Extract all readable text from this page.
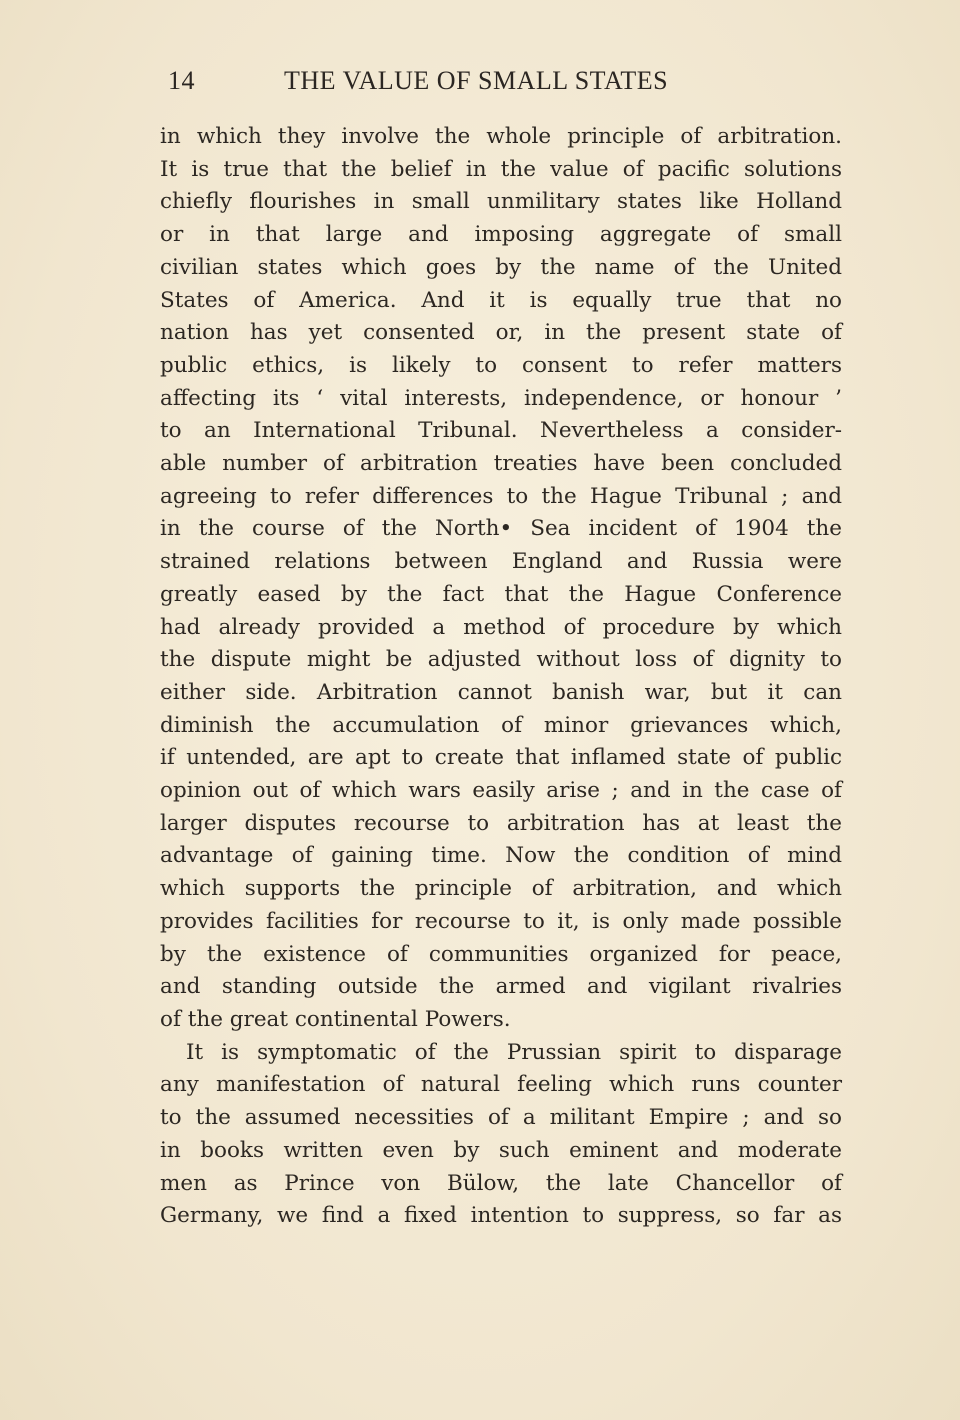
14	THE VALUE OF SMALL STATES

in which they involve the whole principle of arbitration.
It is true that the belief in the value of pacific solutions
chiefly flourishes in small unmilitary states like Holland
or in that large and imposing aggregate of small
civilian states which goes by the name of the United
States of America. And it is equally true that no
nation has yet consented or, in the present state of
public ethics, is likely to consent to refer matters
affecting its ‘ vital interests, independence, or honour ’
to an International Tribunal. Nevertheless a consider-
able number of arbitration treaties have been concluded
agreeing to refer differences to the Hague Tribunal ; and
in the course of the North• Sea incident of 1904 the
strained relations between England and Russia were
greatly eased by the fact that the Hague Conference
had already provided a method of procedure by which
the dispute might be adjusted without loss of dignity to
either side. Arbitration cannot banish war, but it can
diminish the accumulation of minor grievances which,
if untended, are apt to create that inflamed state of public
opinion out of which wars easily arise ; and in the case of
larger disputes recourse to arbitration has at least the
advantage of gaining time. Now the condition of mind
which supports the principle of arbitration, and which
provides facilities for recourse to it, is only made possible
by the existence of communities organized for peace,
and standing outside the armed and vigilant rivalries
of the great continental Powers.

It is symptomatic of the Prussian spirit to disparage
any manifestation of natural feeling which runs counter
to the assumed necessities of a militant Empire ; and so
in books written even by such eminent and moderate
men as Prince von Bülow, the late Chancellor of
Germany, we find a fixed intention to suppress, so far as
